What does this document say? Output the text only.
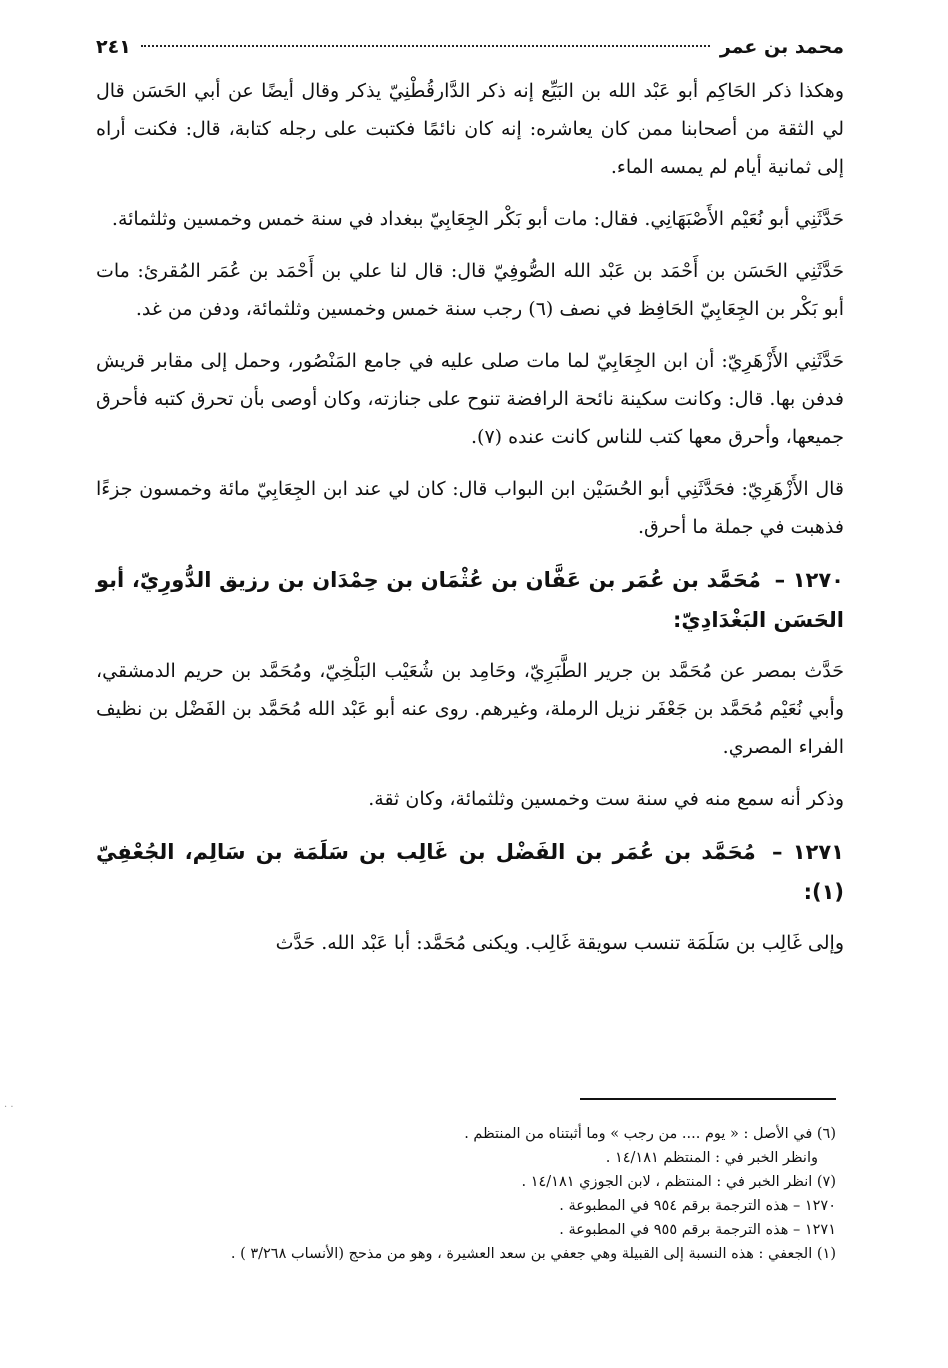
محمد بن عمر
٢٤١

وهكذا ذكر الحَاكِم أبو عَبْد الله بن البَيِّع إنه ذكر الدَّارقُطْنِيّ يذكر وقال أيضًا عن أبي الحَسَن قال لي الثقة من أصحابنا ممن كان يعاشره: إنه كان نائمًا فكتبت على رجله كتابة، قال: فكنت أراه إلى ثمانية أيام لم يمسه الماء.

حَدَّثَنِي أبو نُعَيْم الأَصْبَهَانِي. فقال: مات أبو بَكْر الجِعَابِيّ ببغداد في سنة خمس وخمسين وثلثمائة.

حَدَّثَنِي الحَسَن بن أَحْمَد بن عَبْد الله الصُّوفِيّ قال: قال لنا علي بن أَحْمَد بن عُمَر المُقرئ: مات أبو بَكْر بن الجِعَابِيّ الحَافِظ في نصف (٦) رجب سنة خمس وخمسين وثلثمائة، ودفن من غد.

حَدَّثَنِي الأَزْهَرِيّ: أن ابن الجِعَابِيّ لما مات صلى عليه في جامع المَنْصُور، وحمل إلى مقابر قريش فدفن بها. قال: وكانت سكينة نائحة الرافضة تنوح على جنازته، وكان أوصى بأن تحرق كتبه فأحرق جميعها، وأحرق معها كتب للناس كانت عنده (٧).

قال الأَزْهَرِيّ: فحَدَّثَنِي أبو الحُسَيْن ابن البواب قال: كان لي عند ابن الجِعَابِيّ مائة وخمسون جزءًا فذهبت في جملة ما أحرق.

١٢٧٠ – مُحَمَّد بن عُمَر بن عَفَّان بن عُثْمَان بن حِمْدَان بن رزيق الدُّورِيّ، أبو الحَسَن البَغْدَادِيّ:

حَدَّث بمصر عن مُحَمَّد بن جرير الطَّبَرِيّ، وحَامِد بن شُعَيْب البَلْخِيّ، ومُحَمَّد بن حريم الدمشقي، وأبي نُعَيْم مُحَمَّد بن جَعْفَر نزيل الرملة، وغيرهم. روى عنه أبو عَبْد الله مُحَمَّد بن الفَضْل بن نظيف الفراء المصري.

وذكر أنه سمع منه في سنة ست وخمسين وثلثمائة، وكان ثقة.

١٢٧١ – مُحَمَّد بن عُمَر بن الفَضْل بن غَالِب بن سَلَمَة بن سَالِم، الجُعْفِيّ (١):

وإلى غَالِب بن سَلَمَة تنسب سويقة غَالِب. ويكنى مُحَمَّد: أبا عَبْد الله. حَدَّث

(٦) في الأصل : « يوم .... من رجب » وما أثبتناه من المنتظم .

وانظر الخبر في : المنتظم ١٤/١٨١ .

(٧) انظر الخبر في : المنتظم ، لابن الجوزي ١٤/١٨١ .

١٢٧٠ – هذه الترجمة برقم ٩٥٤ في المطبوعة .

١٢٧١ – هذه الترجمة برقم ٩٥٥ في المطبوعة .

(١) الجعفي : هذه النسبة إلى القبيلة وهي جعفي بن سعد العشيرة ، وهو من مذحج (الأنساب ٣/٢٦٨ ) .

· ·
